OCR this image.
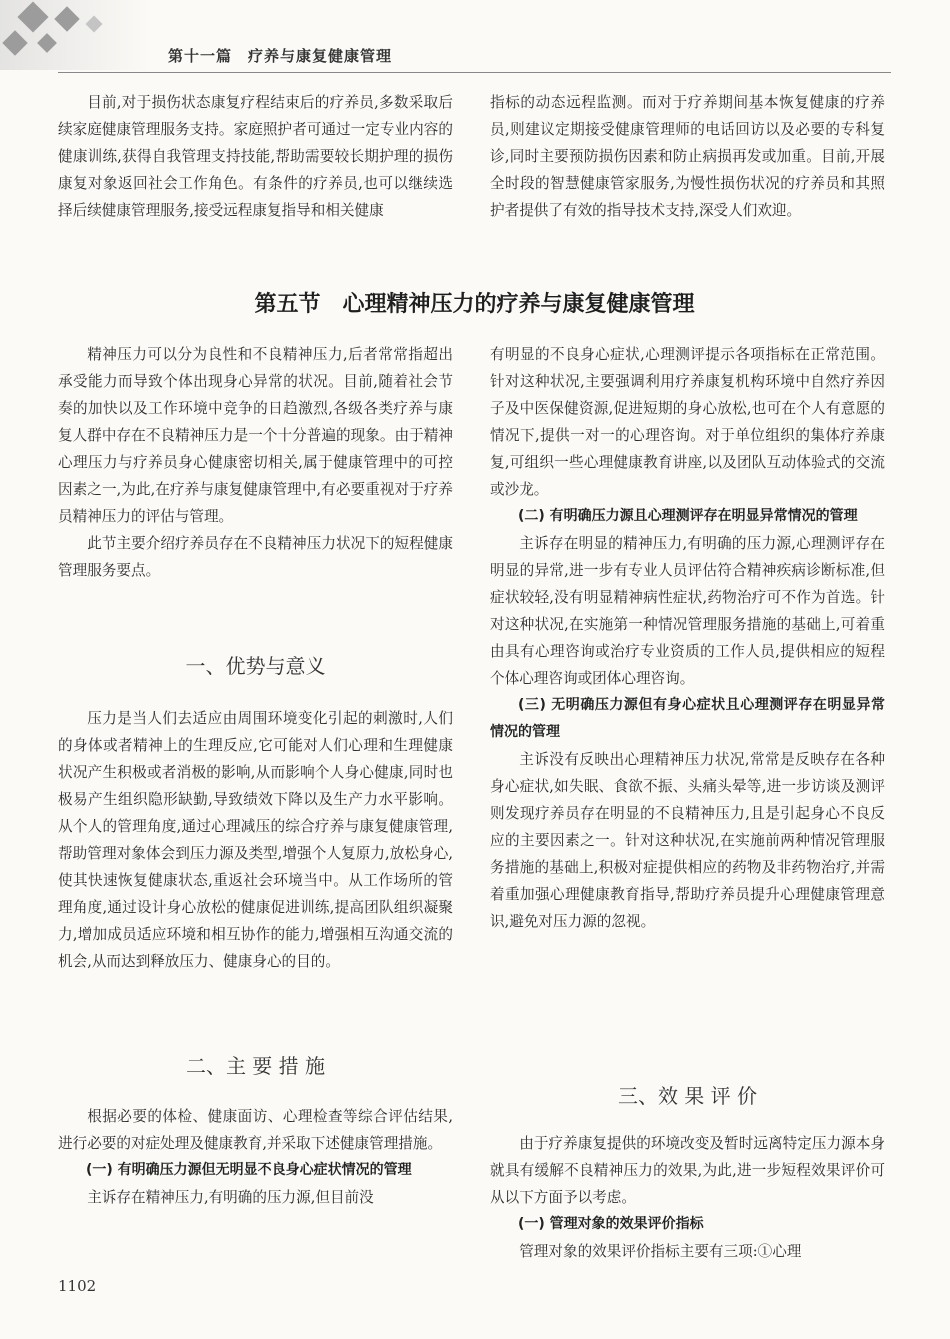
第十一篇　疗养与康复健康管理

目前,对于损伤状态康复疗程结束后的疗养员,多数采取后续家庭健康管理服务支持。家庭照护者可通过一定专业内容的健康训练,获得自我管理支持技能,帮助需要较长期护理的损伤康复对象返回社会工作角色。有条件的疗养员,也可以继续选择后续健康管理服务,接受远程康复指导和相关健康

指标的动态远程监测。而对于疗养期间基本恢复健康的疗养员,则建议定期接受健康管理师的电话回访以及必要的专科复诊,同时主要预防损伤因素和防止病损再发或加重。目前,开展全时段的智慧健康管家服务,为慢性损伤状况的疗养员和其照护者提供了有效的指导技术支持,深受人们欢迎。

第五节　心理精神压力的疗养与康复健康管理

精神压力可以分为良性和不良精神压力,后者常常指超出承受能力而导致个体出现身心异常的状况。目前,随着社会节奏的加快以及工作环境中竞争的日趋激烈,各级各类疗养与康复人群中存在不良精神压力是一个十分普遍的现象。由于精神心理压力与疗养员身心健康密切相关,属于健康管理中的可控因素之一,为此,在疗养与康复健康管理中,有必要重视对于疗养员精神压力的评估与管理。

此节主要介绍疗养员存在不良精神压力状况下的短程健康管理服务要点。

一、优势与意义

压力是当人们去适应由周围环境变化引起的刺激时,人们的身体或者精神上的生理反应,它可能对人们心理和生理健康状况产生积极或者消极的影响,从而影响个人身心健康,同时也极易产生组织隐形缺勤,导致绩效下降以及生产力水平影响。从个人的管理角度,通过心理减压的综合疗养与康复健康管理,帮助管理对象体会到压力源及类型,增强个人复原力,放松身心,使其快速恢复健康状态,重返社会环境当中。从工作场所的管理角度,通过设计身心放松的健康促进训练,提高团队组织凝聚力,增加成员适应环境和相互协作的能力,增强相互沟通交流的机会,从而达到释放压力、健康身心的目的。

二、主 要 措 施

根据必要的体检、健康面访、心理检查等综合评估结果,进行必要的对症处理及健康教育,并采取下述健康管理措施。

(一) 有明确压力源但无明显不良身心症状情况的管理

主诉存在精神压力,有明确的压力源,但目前没

有明显的不良身心症状,心理测评提示各项指标在正常范围。针对这种状况,主要强调利用疗养康复机构环境中自然疗养因子及中医保健资源,促进短期的身心放松,也可在个人有意愿的情况下,提供一对一的心理咨询。对于单位组织的集体疗养康复,可组织一些心理健康教育讲座,以及团队互动体验式的交流或沙龙。

(二) 有明确压力源且心理测评存在明显异常情况的管理

主诉存在明显的精神压力,有明确的压力源,心理测评存在明显的异常,进一步有专业人员评估符合精神疾病诊断标准,但症状较轻,没有明显精神病性症状,药物治疗可不作为首选。针对这种状况,在实施第一种情况管理服务措施的基础上,可着重由具有心理咨询或治疗专业资质的工作人员,提供相应的短程个体心理咨询或团体心理咨询。

(三) 无明确压力源但有身心症状且心理测评存在明显异常情况的管理

主诉没有反映出心理精神压力状况,常常是反映存在各种身心症状,如失眠、食欲不振、头痛头晕等,进一步访谈及测评则发现疗养员存在明显的不良精神压力,且是引起身心不良反应的主要因素之一。针对这种状况,在实施前两种情况管理服务措施的基础上,积极对症提供相应的药物及非药物治疗,并需着重加强心理健康教育指导,帮助疗养员提升心理健康管理意识,避免对压力源的忽视。

三、效 果 评 价

由于疗养康复提供的环境改变及暂时远离特定压力源本身就具有缓解不良精神压力的效果,为此,进一步短程效果评价可从以下方面予以考虑。

(一) 管理对象的效果评价指标

管理对象的效果评价指标主要有三项:①心理

1102
